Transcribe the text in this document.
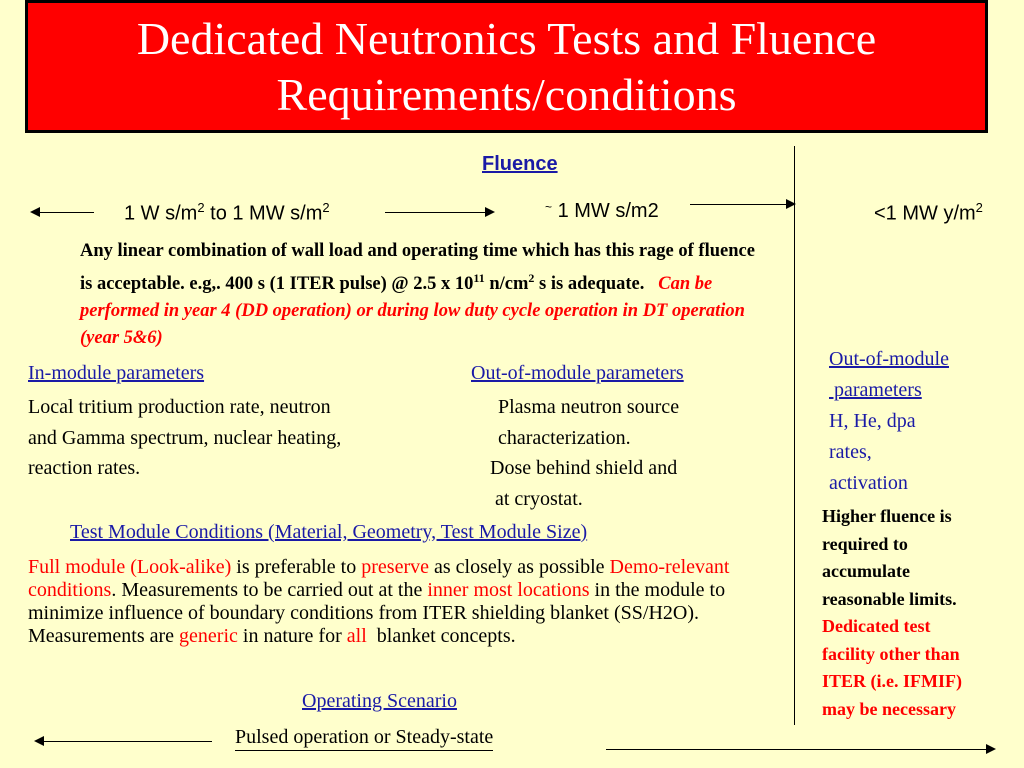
Dedicated Neutronics Tests and Fluence
Requirements/conditions
Fluence
1 W $s/m^2$ to 1 MW $s/m^2$	~ 1 MW s/m2	<1 MW $y/m^2$
Any linear combination of wall load and operating time which has this rage of fluence is acceptable. e.g,. 400 s (1 ITER pulse) @ 2.5 x $10^{11}$ $n/cm^2$ s is adequate. Can be performed in year 4 (DD operation) or during low duty cycle operation in DT operation (year 5&6)
In-module parameters
Local tritium production rate, neutron
and Gamma spectrum, nuclear heating,
reaction rates.
Out-of-module parameters
Plasma neutron source
characterization.
Dose behind shield and
at cryostat.
Out-of-module
parameters
H, He, dpa
rates,
activation
Higher fluence is
required to
accumulate
reasonable limits.
Dedicated test
facility other than
ITER (i.e. IFMIF)
may be necessary
Test Module Conditions (Material, Geometry, Test Module Size)
Full module (Look-alike) is preferable to preserve as closely as possible Demo-relevant conditions. Measurements to be carried out at the inner most locations in the module to minimize influence of boundary conditions from ITER shielding blanket (SS/H2O). Measurements are generic in nature for all  blanket concepts.
Operating Scenario
Pulsed operation or Steady-state
